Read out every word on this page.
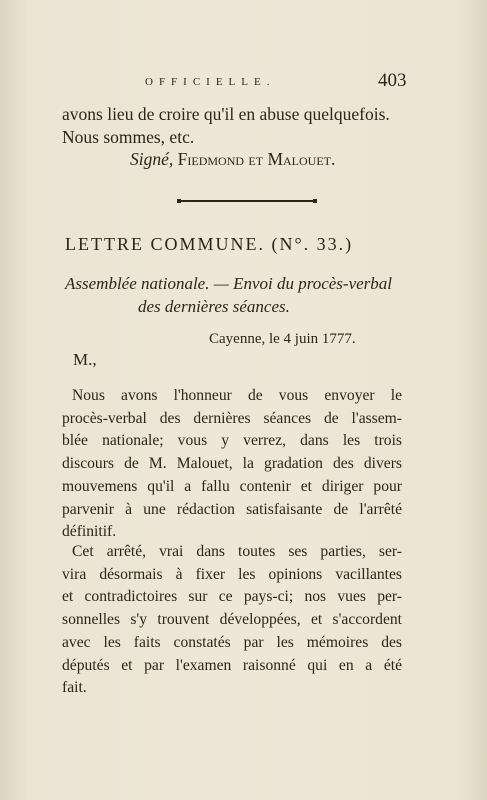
OFFICIELLE.	403
avons lieu de croire qu'il en abuse quelquefois.
Nous sommes, etc.
Signé, Fiedmond et Malouet.
LETTRE COMMUNE. (N°. 33.)
Assemblée nationale. — Envoi du procès-verbal
des dernières séances.
Cayenne, le 4 juin 1777.
M.,
Nous avons l'honneur de vous envoyer le
procès-verbal des dernières séances de l'assem-
blée nationale; vous y verrez, dans les trois
discours de M. Malouet, la gradation des divers
mouvemens qu'il a fallu contenir et diriger pour
parvenir à une rédaction satisfaisante de l'arrêté
définitif.
Cet arrêté, vrai dans toutes ses parties, ser-
vira désormais à fixer les opinions vacillantes
et contradictoires sur ce pays-ci; nos vues per-
sonnelles s'y trouvent développées, et s'accordent
avec les faits constatés par les mémoires des
députés et par l'examen raisonné qui en a été
fait.
